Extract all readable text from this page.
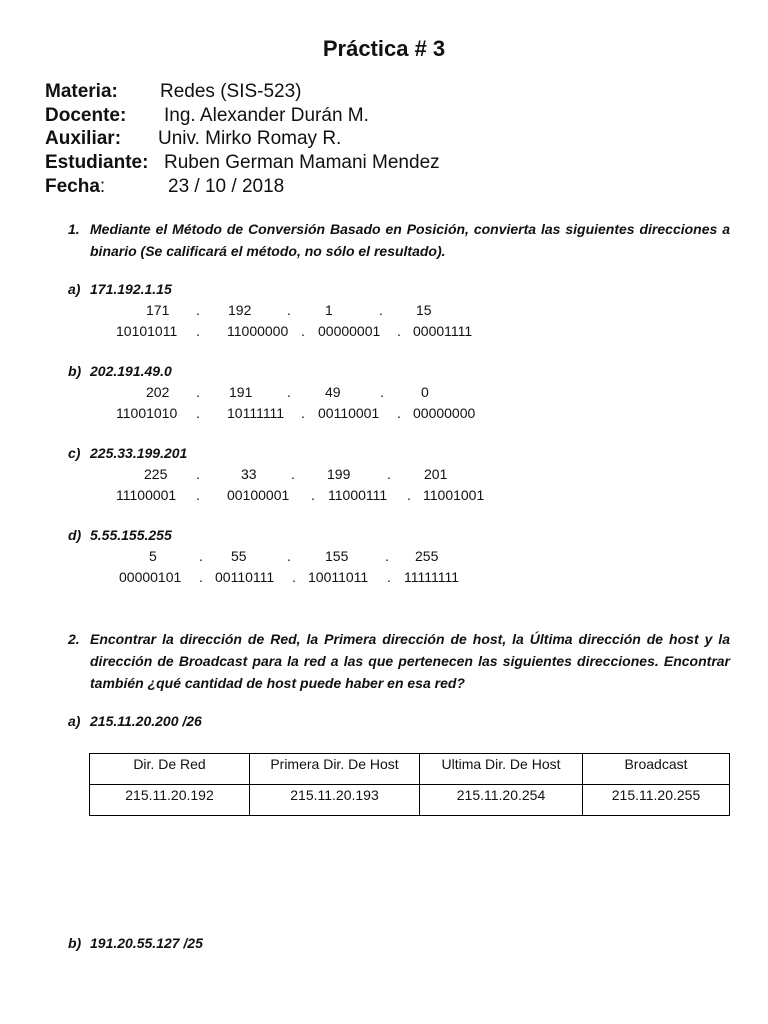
Práctica # 3
Materia: Redes (SIS-523)
Docente: Ing. Alexander Durán M.
Auxiliar: Univ. Mirko Romay R.
Estudiante: Ruben German Mamani Mendez
Fecha:	23 / 10 / 2018
1. Mediante el Método de Conversión Basado en Posición, convierta las siguientes direcciones a binario (Se calificará el método, no sólo el resultado).
a) 171.192.1.15
171 . 192	. 1	. 15
10101011 . 11000000 . 00000001 . 00001111
b) 202.191.49.0
202 . 191 . 49	.	0
11001010 . 10111111 . 00110001 . 00000000
c) 225.33.199.201
225 .	33 . 199	. 201
11100001 . 00100001 . 11000111 . 11001001
d) 5.55.155.255
5	. 55	. 155	. 255
00000101 . 00110111 . 10011011 . 11111111
2. Encontrar la dirección de Red, la Primera dirección de host, la Última dirección de host y la dirección de Broadcast para la red a las que pertenecen las siguientes direcciones. Encontrar también ¿qué cantidad de host puede haber en esa red?
a) 215.11.20.200 /26
Dir. De Red	Primera Dir. De Host	Ultima Dir. De Host	Broadcast
215.11.20.192	215.11.20.193	215.11.20.254	215.11.20.255
b) 191.20.55.127 /25
